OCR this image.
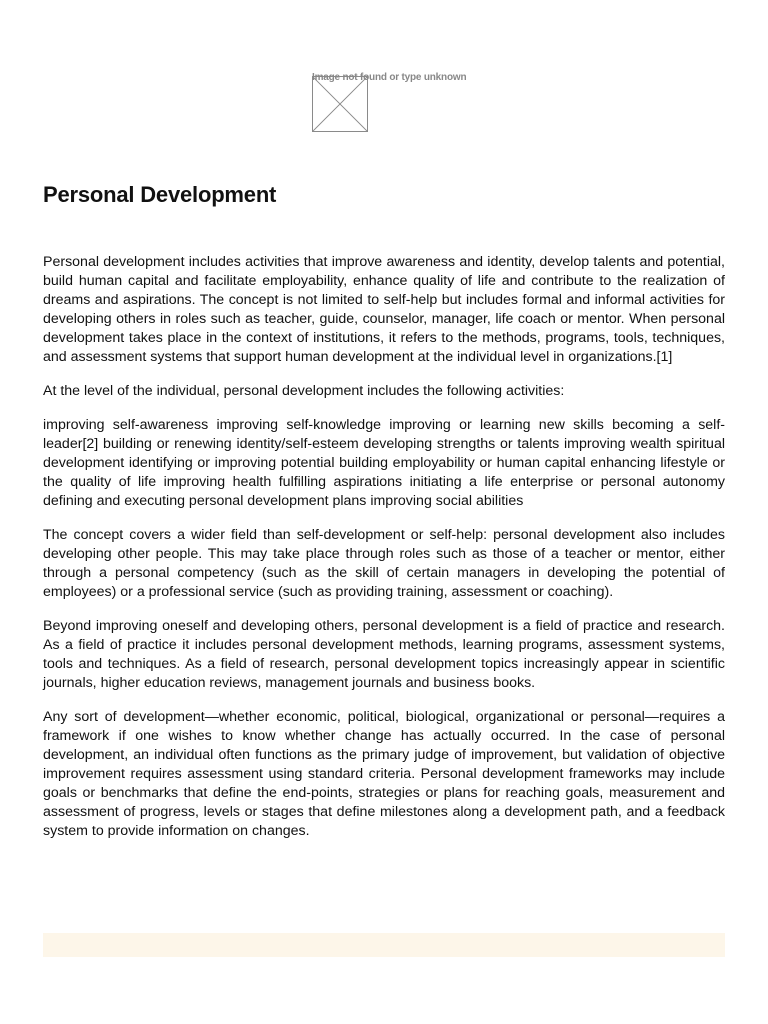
Image not found or type unknown
Personal Development

Personal development includes activities that improve awareness and identity, develop talents and potential, build human capital and facilitate employability, enhance quality of life and contribute to the realization of dreams and aspirations. The concept is not limited to self-help but includes formal and informal activities for developing others in roles such as teacher, guide, counselor, manager, life coach or mentor. When personal development takes place in the context of institutions, it refers to the methods, programs, tools, techniques, and assessment systems that support human development at the individual level in organizations.[1]

At the level of the individual, personal development includes the following activities:

improving self-awareness improving self-knowledge improving or learning new skills becoming a self-leader[2] building or renewing identity/self-esteem developing strengths or talents improving wealth spiritual development identifying or improving potential building employability or human capital enhancing lifestyle or the quality of life improving health fulfilling aspirations initiating a life enterprise or personal autonomy defining and executing personal development plans improving social abilities

The concept covers a wider field than self-development or self-help: personal development also includes developing other people. This may take place through roles such as those of a teacher or mentor, either through a personal competency (such as the skill of certain managers in developing the potential of employees) or a professional service (such as providing training, assessment or coaching).

Beyond improving oneself and developing others, personal development is a field of practice and research. As a field of practice it includes personal development methods, learning programs, assessment systems, tools and techniques. As a field of research, personal development topics increasingly appear in scientific journals, higher education reviews, management journals and business books.

Any sort of development—whether economic, political, biological, organizational or personal—requires a framework if one wishes to know whether change has actually occurred. In the case of personal development, an individual often functions as the primary judge of improvement, but validation of objective improvement requires assessment using standard criteria. Personal development frameworks may include goals or benchmarks that define the end-points, strategies or plans for reaching goals, measurement and assessment of progress, levels or stages that define milestones along a development path, and a feedback system to provide information on changes.
